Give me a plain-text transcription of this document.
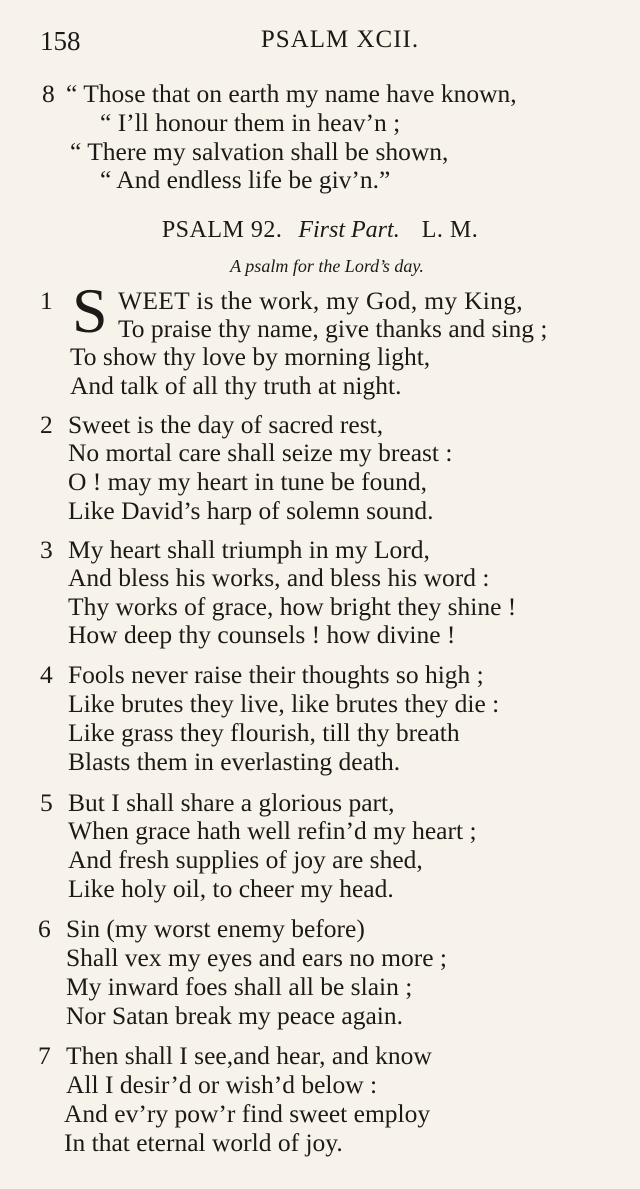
158	PSALM XCII.
8 “ Those that on earth my name have known,
“ I’ll honour them in heav’n ;
“ There my salvation shall be shown,
“ And endless life be giv’n.”
PSALM 92. First Part. L. M.
A psalm for the Lord’s day.
1 S WEET is the work, my God, my King,
To praise thy name, give thanks and sing ;
To show thy love by morning light,
And talk of all thy truth at night.
2 Sweet is the day of sacred rest,
No mortal care shall seize my breast :
O ! may my heart in tune be found,
Like David’s harp of solemn sound.
3 My heart shall triumph in my Lord,
And bless his works, and bless his word :
Thy works of grace, how bright they shine !
How deep thy counsels ! how divine !
4 Fools never raise their thoughts so high ;
Like brutes they live, like brutes they die :
Like grass they flourish, till thy breath
Blasts them in everlasting death.
5 But I shall share a glorious part,
When grace hath well refin’d my heart ;
And fresh supplies of joy are shed,
Like holy oil, to cheer my head.
6 Sin (my worst enemy before)
Shall vex my eyes and ears no more ;
My inward foes shall all be slain ;
Nor Satan break my peace again.
7 Then shall I see,and hear, and know
All I desir’d or wish’d below :
And ev’ry pow’r find sweet employ
In that eternal world of joy.
